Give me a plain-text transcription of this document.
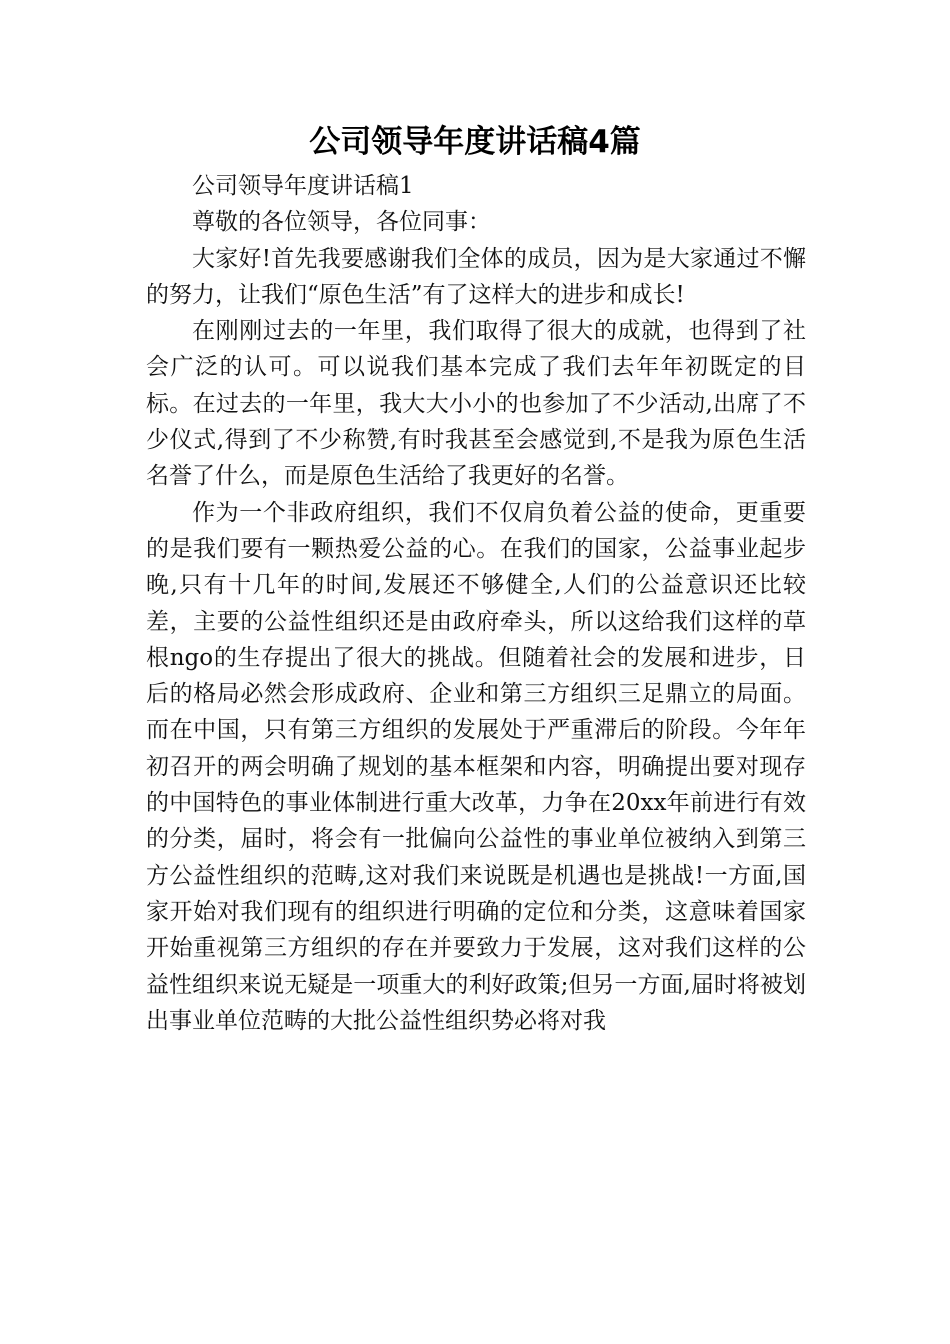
公司领导年度讲话稿4篇

公司领导年度讲话稿1

尊敬的各位领导，各位同事：

大家好!首先我要感谢我们全体的成员，因为是大家通过不懈的努力，让我们“原色生活”有了这样大的进步和成长!

在刚刚过去的一年里，我们取得了很大的成就，也得到了社会广泛的认可。可以说我们基本完成了我们去年年初既定的目标。在过去的一年里，我大大小小的也参加了不少活动,出席了不少仪式,得到了不少称赞,有时我甚至会感觉到,不是我为原色生活名誉了什么，而是原色生活给了我更好的名誉。

作为一个非政府组织，我们不仅肩负着公益的使命，更重要的是我们要有一颗热爱公益的心。在我们的国家，公益事业起步晚,只有十几年的时间,发展还不够健全,人们的公益意识还比较差，主要的公益性组织还是由政府牵头，所以这给我们这样的草根ngo的生存提出了很大的挑战。但随着社会的发展和进步，日后的格局必然会形成政府、企业和第三方组织三足鼎立的局面。而在中国，只有第三方组织的发展处于严重滞后的阶段。今年年初召开的两会明确了规划的基本框架和内容，明确提出要对现存的中国特色的事业体制进行重大改革，力争在20xx年前进行有效的分类，届时，将会有一批偏向公益性的事业单位被纳入到第三方公益性组织的范畴,这对我们来说既是机遇也是挑战!一方面,国家开始对我们现有的组织进行明确的定位和分类，这意味着国家开始重视第三方组织的存在并要致力于发展，这对我们这样的公益性组织来说无疑是一项重大的利好政策;但另一方面,届时将被划出事业单位范畴的大批公益性组织势必将对我
